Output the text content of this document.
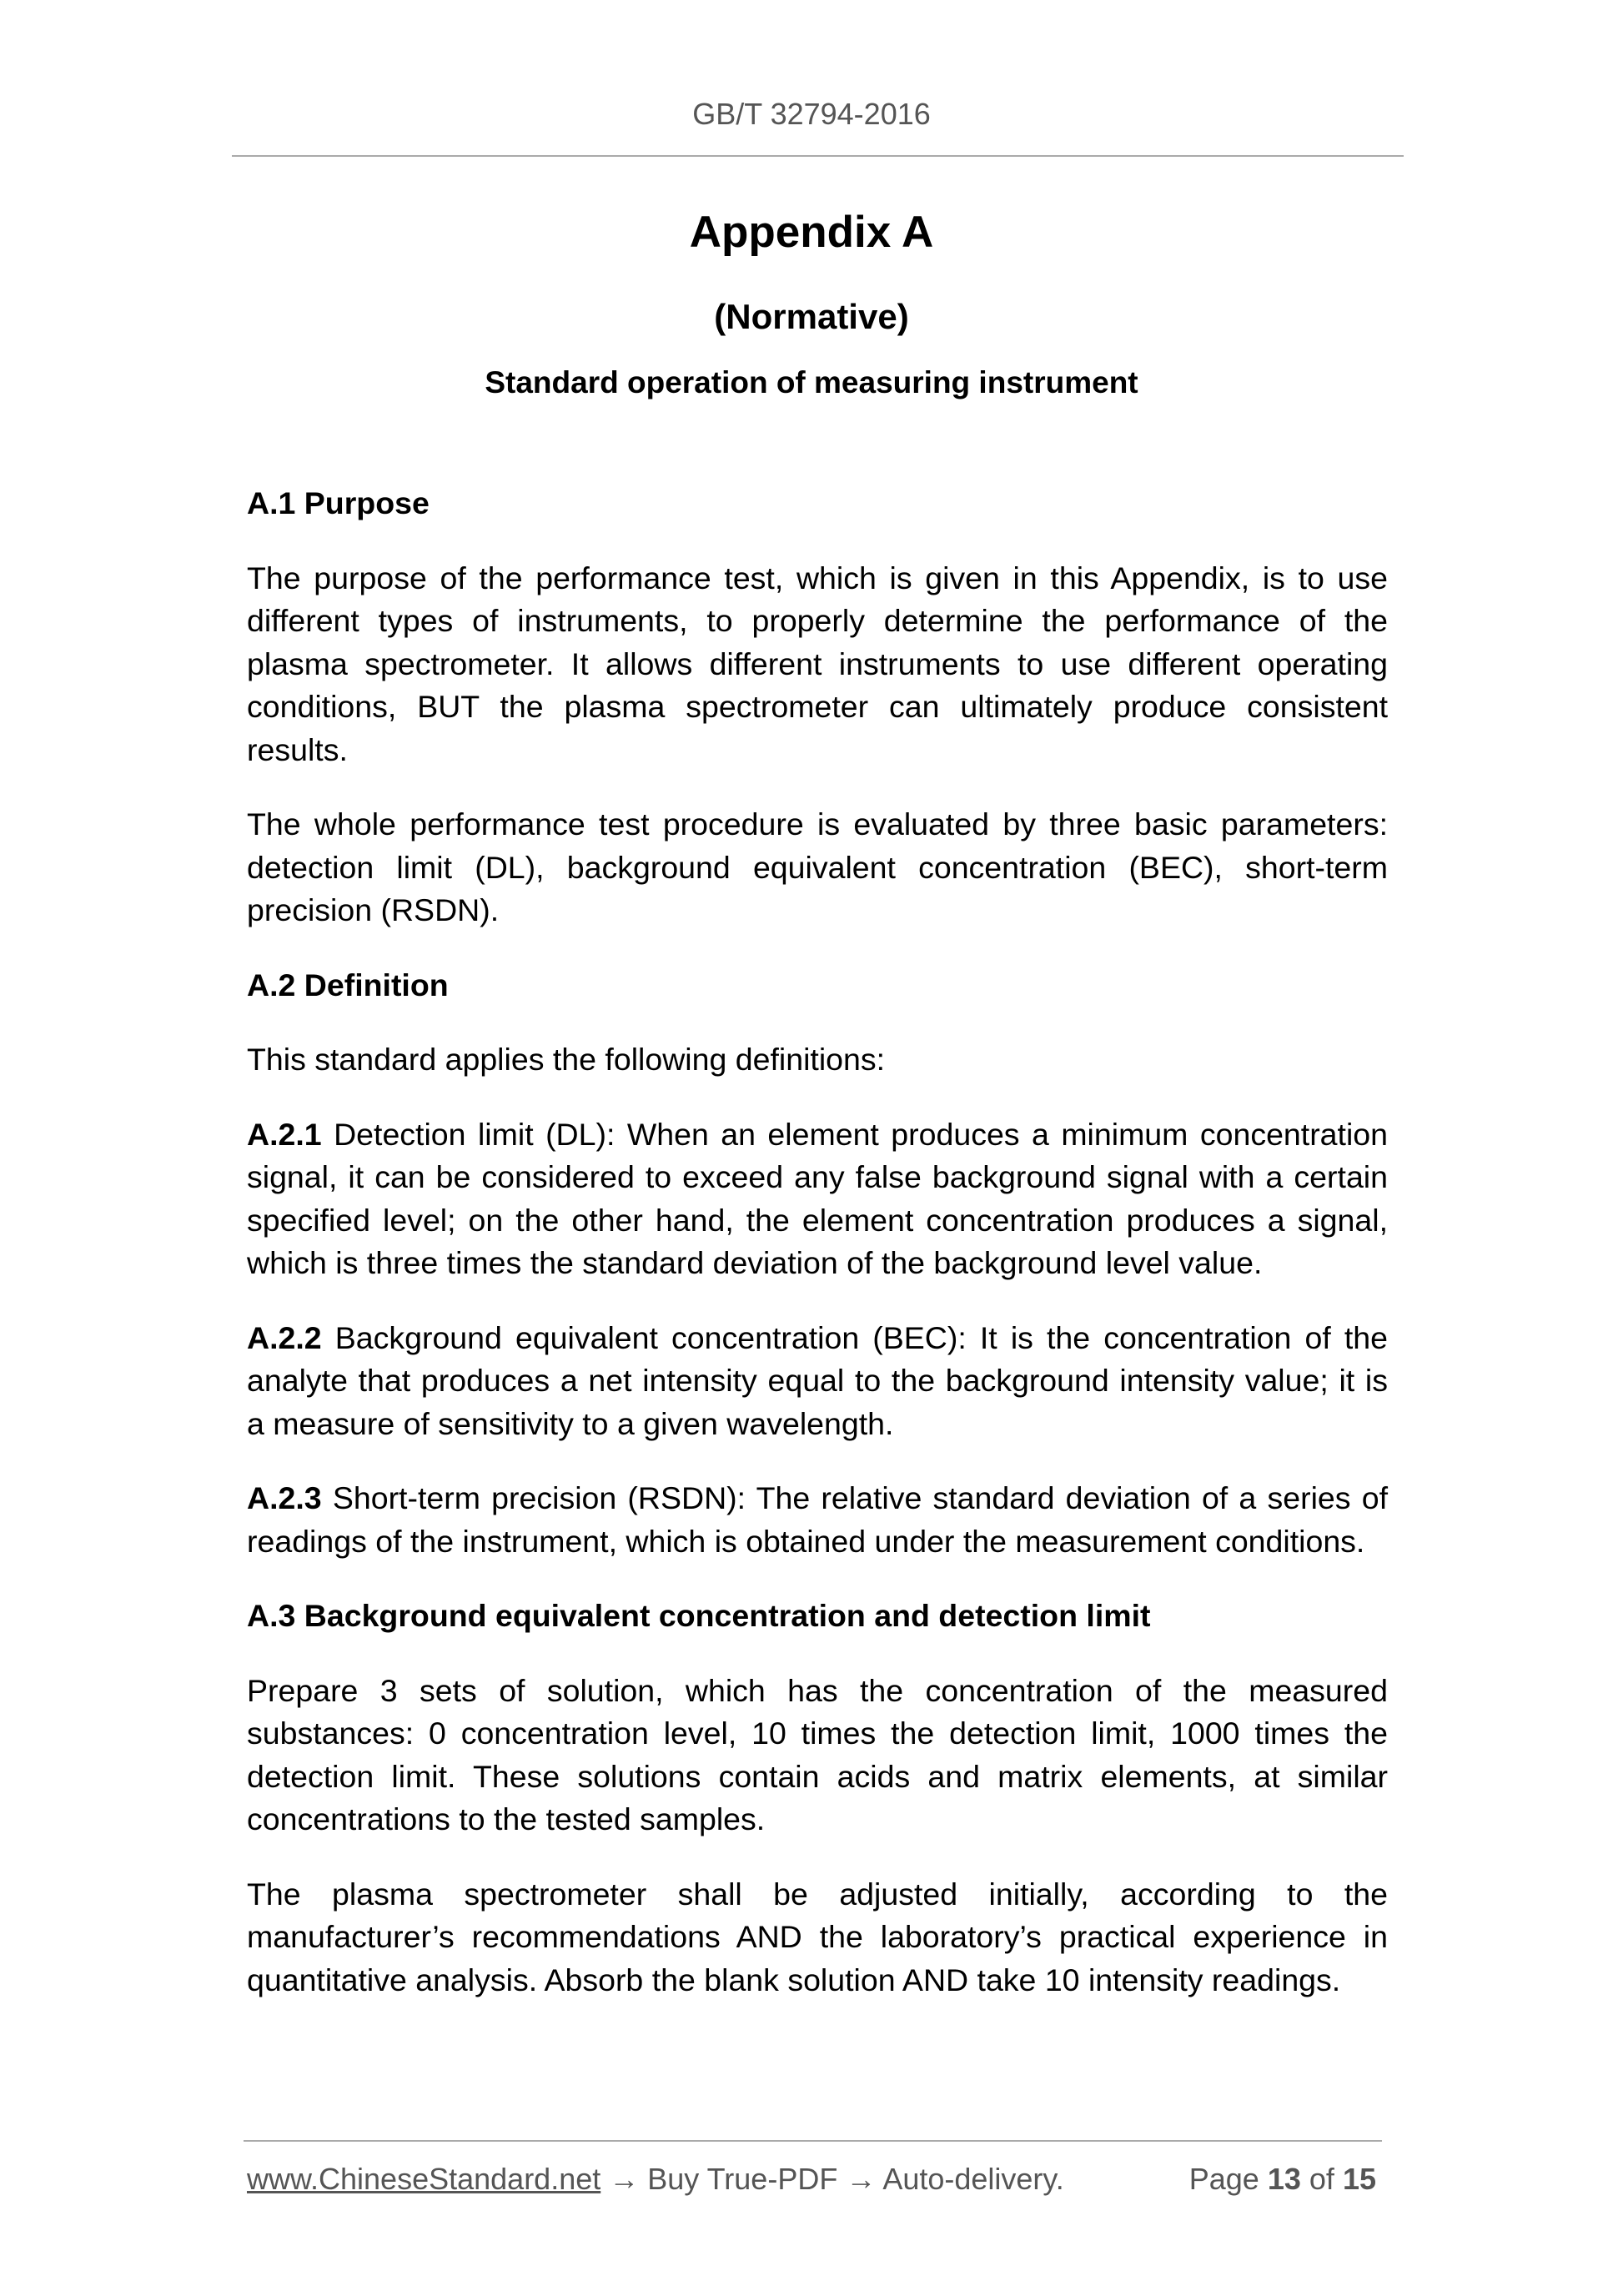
GB/T 32794-2016
Appendix A
(Normative)
Standard operation of measuring instrument
A.1 Purpose

The purpose of the performance test, which is given in this Appendix, is to use different types of instruments, to properly determine the performance of the plasma spectrometer. It allows different instruments to use different operating conditions, BUT the plasma spectrometer can ultimately produce consistent results.

The whole performance test procedure is evaluated by three basic parameters: detection limit (DL), background equivalent concentration (BEC), short-term precision (RSDN).

A.2 Definition

This standard applies the following definitions:

A.2.1 Detection limit (DL): When an element produces a minimum concentration signal, it can be considered to exceed any false background signal with a certain specified level; on the other hand, the element concentration produces a signal, which is three times the standard deviation of the background level value.

A.2.2 Background equivalent concentration (BEC): It is the concentration of the analyte that produces a net intensity equal to the background intensity value; it is a measure of sensitivity to a given wavelength.

A.2.3 Short-term precision (RSDN): The relative standard deviation of a series of readings of the instrument, which is obtained under the measurement conditions.

A.3 Background equivalent concentration and detection limit

Prepare 3 sets of solution, which has the concentration of the measured substances: 0 concentration level, 10 times the detection limit, 1000 times the detection limit. These solutions contain acids and matrix elements, at similar concentrations to the tested samples.

The plasma spectrometer shall be adjusted initially, according to the manufacturer’s recommendations AND the laboratory’s practical experience in quantitative analysis. Absorb the blank solution AND take 10 intensity readings.

www.ChineseStandard.net → Buy True-PDF → Auto-delivery.	Page 13 of 15
